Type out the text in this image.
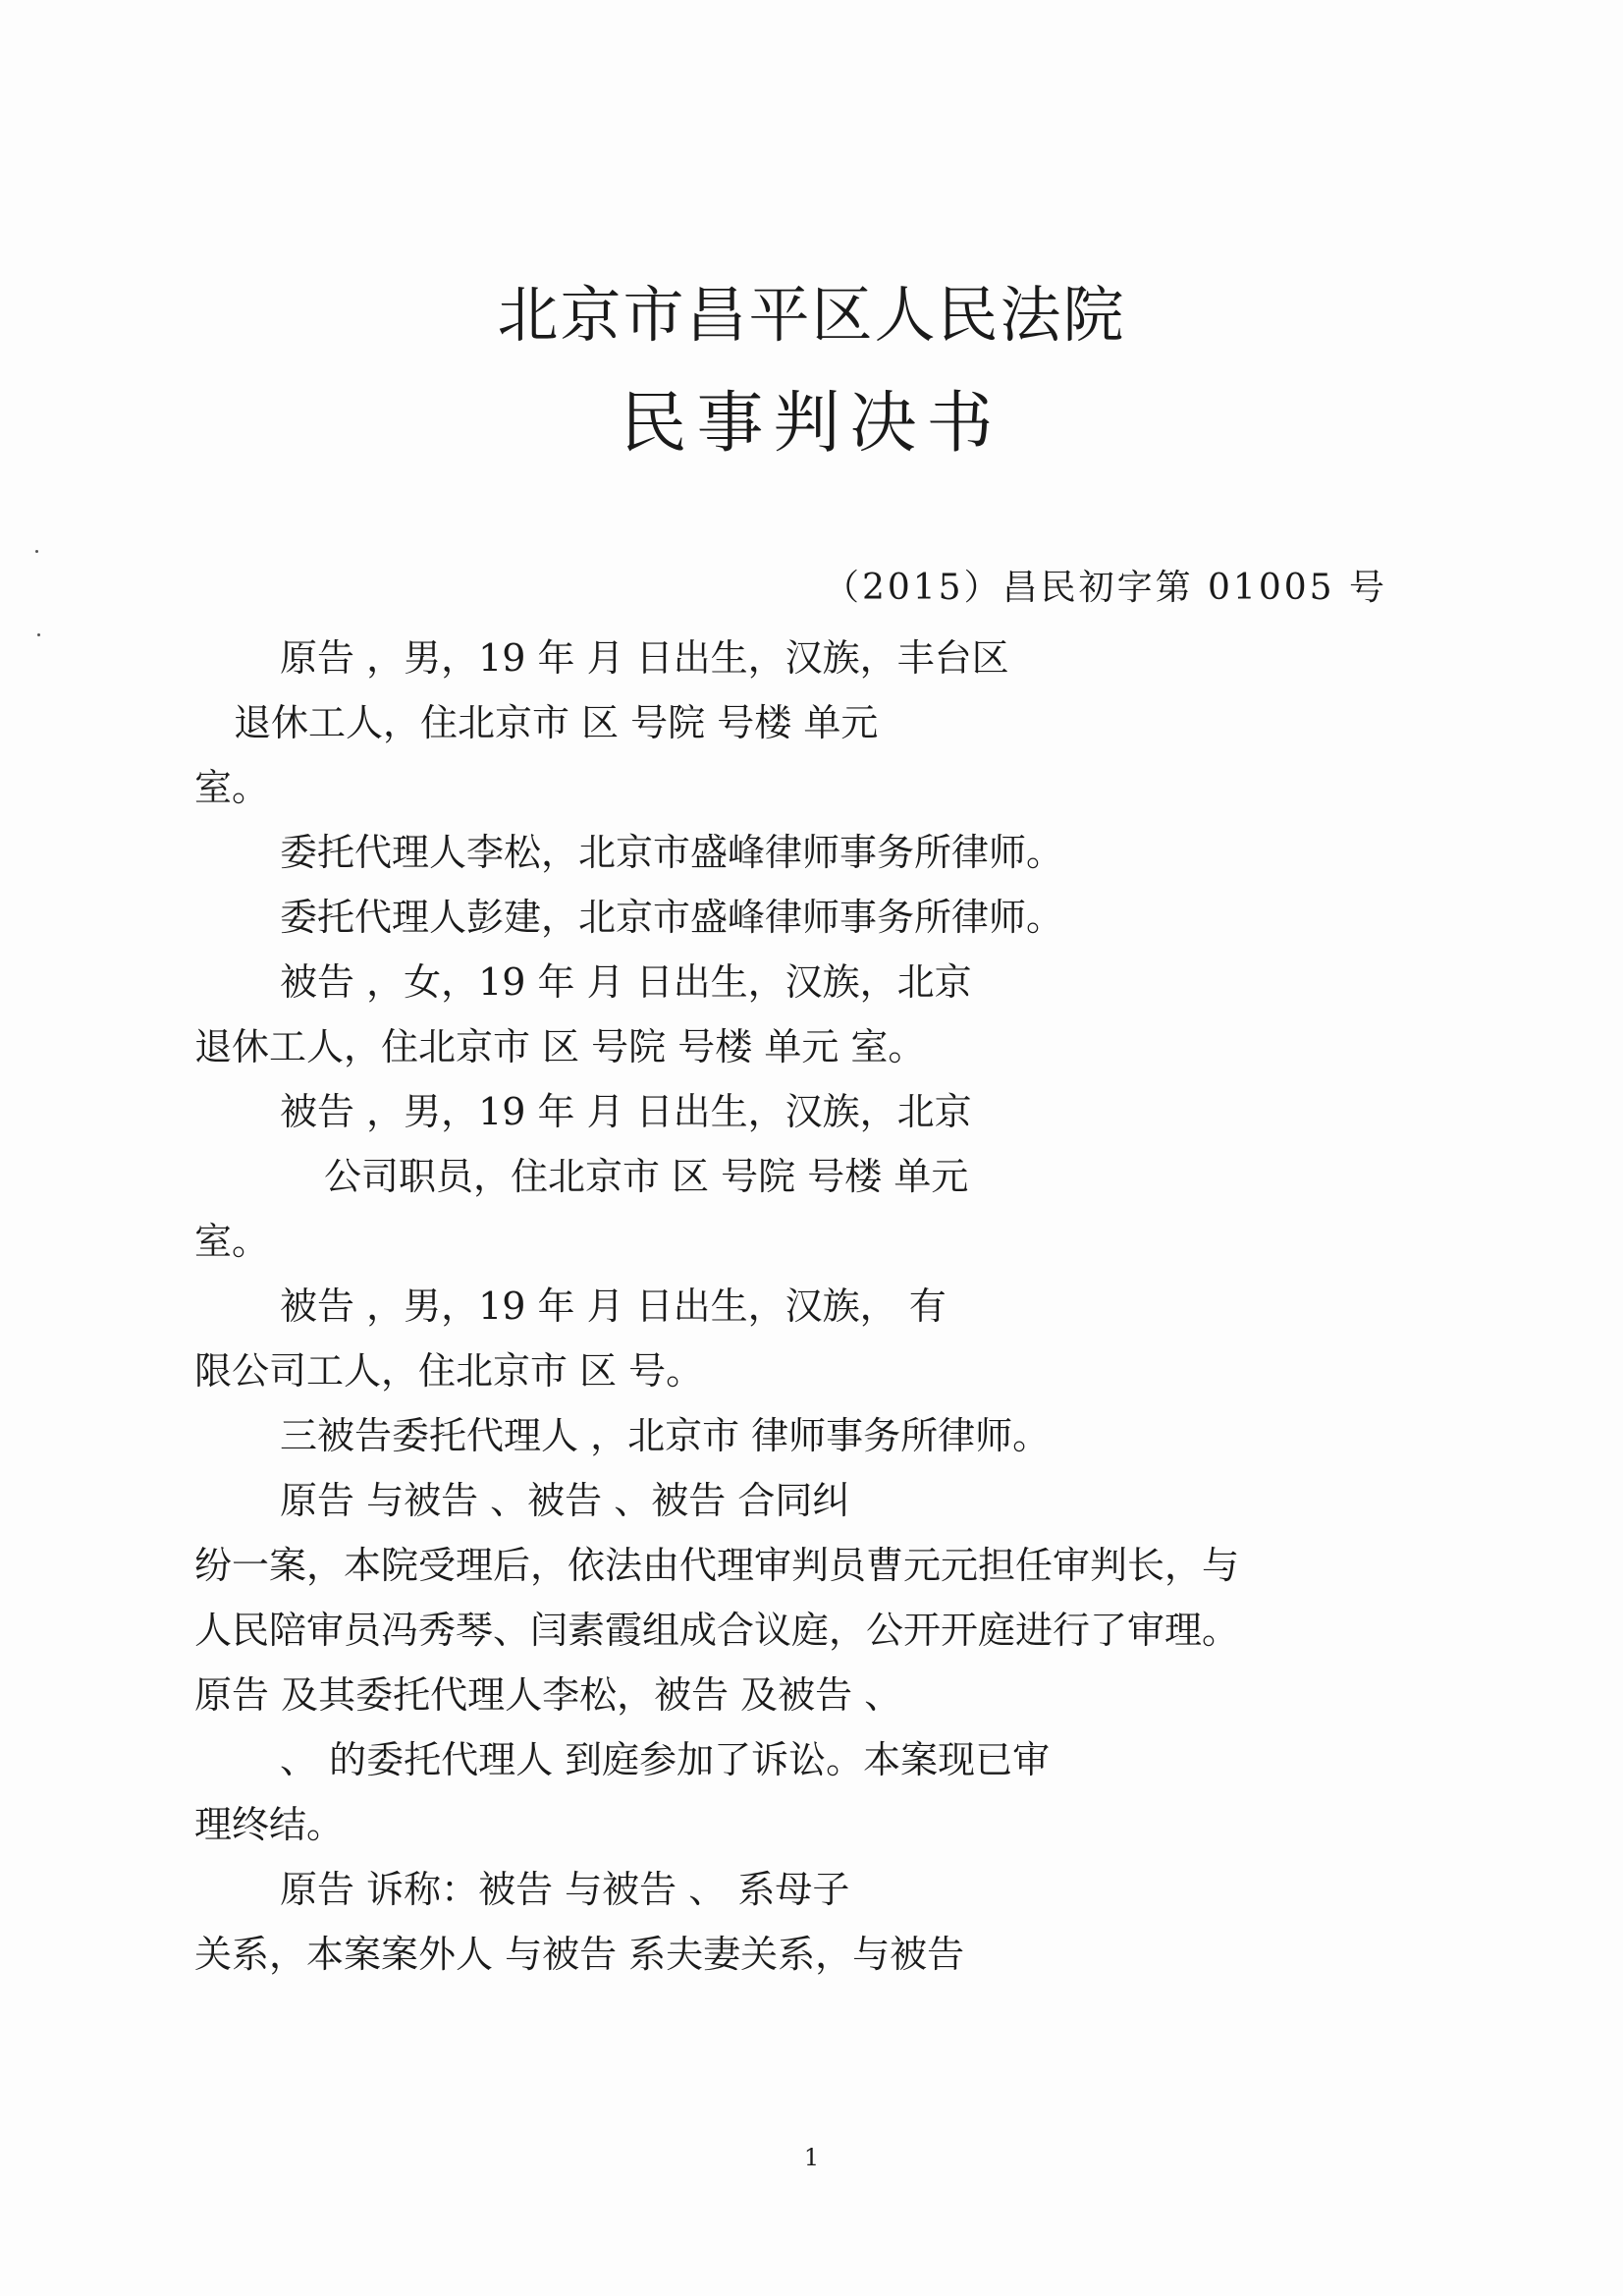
北京市昌平区人民法院
民事判决书
（2015）昌民初字第 01005 号
原告 ，男，19 年 月 日出生，汉族，丰台区
退休工人，住北京市 区 号院 号楼 单元
室。
委托代理人李松，北京市盛峰律师事务所律师。
委托代理人彭建，北京市盛峰律师事务所律师。
被告 ，女，19 年 月 日出生，汉族，北京
退休工人，住北京市 区 号院 号楼 单元 室。
被告 ，男，19 年 月 日出生，汉族，北京
公司职员，住北京市 区 号院 号楼 单元
室。
被告 ，男，19 年 月 日出生，汉族， 有
限公司工人，住北京市 区 号。
三被告委托代理人 ，北京市 律师事务所律师。
原告 与被告 、被告 、被告 合同纠
纷一案，本院受理后，依法由代理审判员曹元元担任审判长，与
人民陪审员冯秀琴、闫素霞组成合议庭，公开开庭进行了审理。
原告 及其委托代理人李松，被告 及被告 、
、 的委托代理人 到庭参加了诉讼。本案现已审
理终结。
原告 诉称：被告 与被告 、 系母子
关系，本案案外人 与被告 系夫妻关系，与被告
1
